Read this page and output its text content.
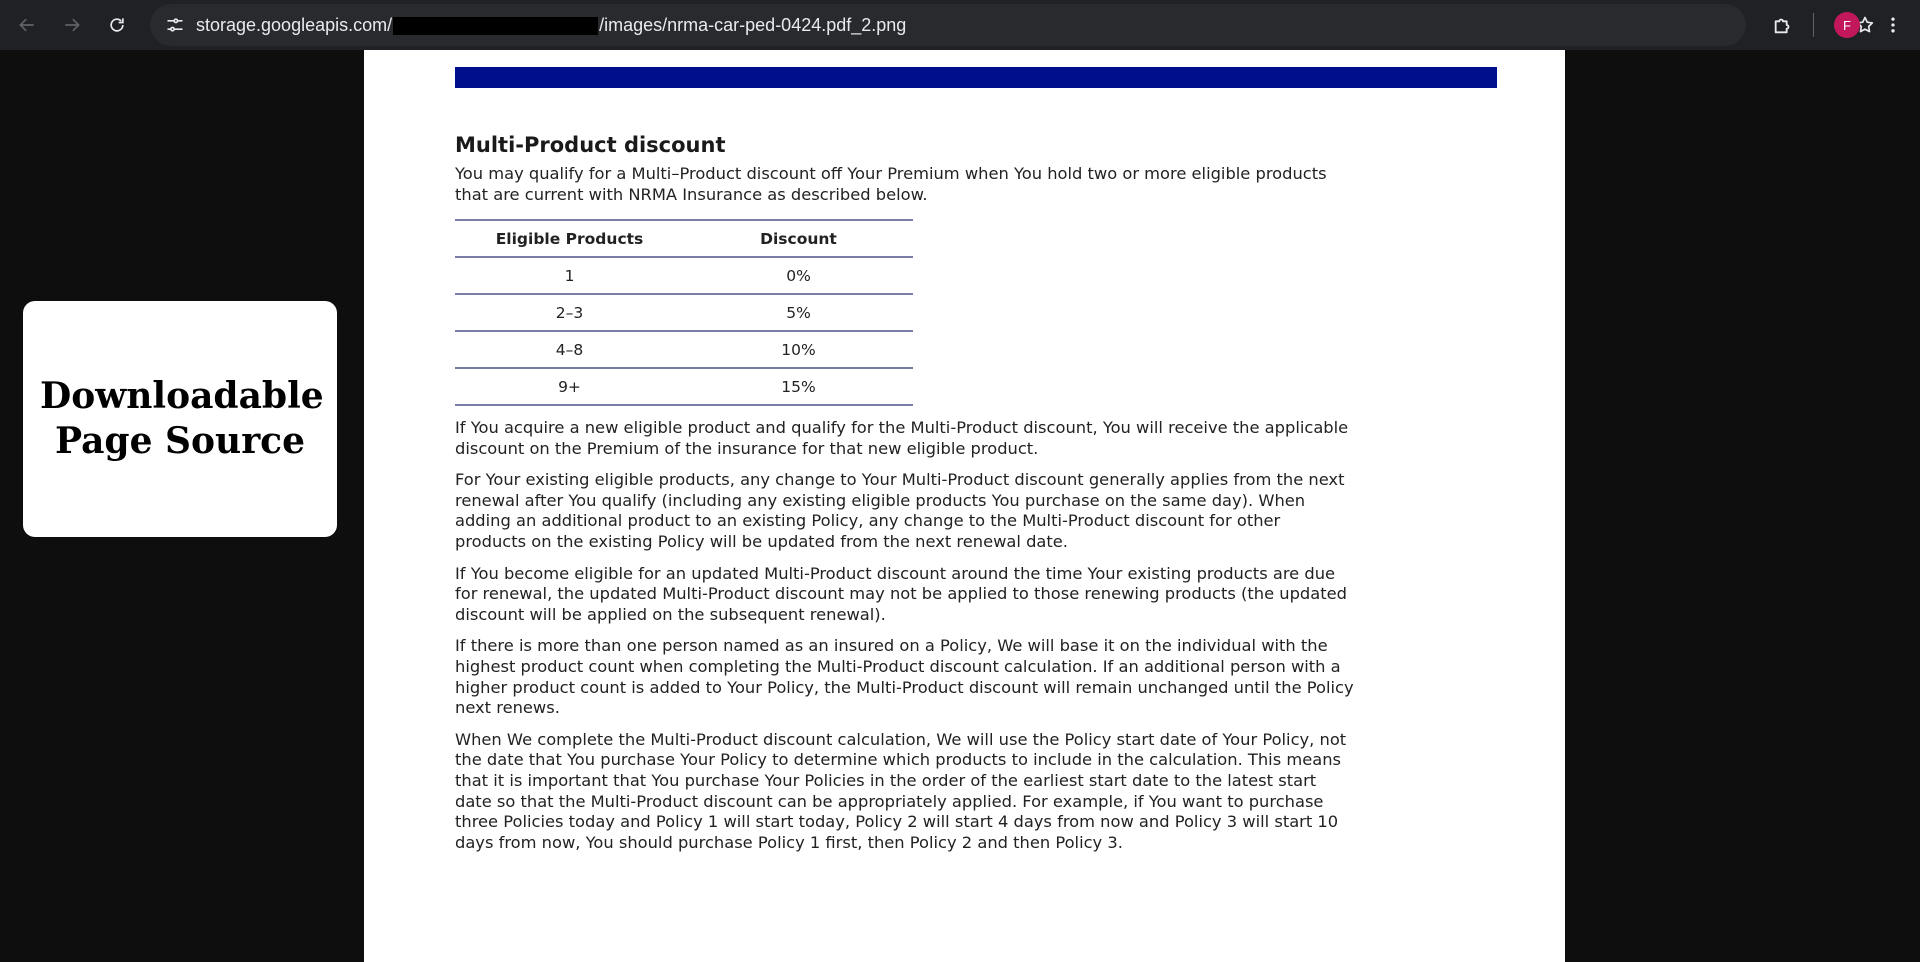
storage.googleapis.com/	/images/nrma-car-ped-0424.pdf_2.png	F
Multi-Product discount

You may qualify for a Multi–Product discount off Your Premium when You hold two or more eligible products that are current with NRMA Insurance as described below.

Eligible Products	Discount
1	0%
2–3	5%
4–8	10%
9+	15%

If You acquire a new eligible product and qualify for the Multi-Product discount, You will receive the applicable discount on the Premium of the insurance for that new eligible product.

For Your existing eligible products, any change to Your Multi-Product discount generally applies from the next renewal after You qualify (including any existing eligible products You purchase on the same day). When adding an additional product to an existing Policy, any change to the Multi-Product discount for other products on the existing Policy will be updated from the next renewal date.

If You become eligible for an updated Multi-Product discount around the time Your existing products are due for renewal, the updated Multi-Product discount may not be applied to those renewing products (the updated discount will be applied on the subsequent renewal).

If there is more than one person named as an insured on a Policy, We will base it on the individual with the highest product count when completing the Multi-Product discount calculation. If an additional person with a higher product count is added to Your Policy, the Multi-Product discount will remain unchanged until the Policy next renews.

When We complete the Multi-Product discount calculation, We will use the Policy start date of Your Policy, not the date that You purchase Your Policy to determine which products to include in the calculation. This means that it is important that You purchase Your Policies in the order of the earliest start date to the latest start date so that the Multi-Product discount can be appropriately applied. For example, if You want to purchase three Policies today and Policy 1 will start today, Policy 2 will start 4 days from now and Policy 3 will start 10 days from now, You should purchase Policy 1 first, then Policy 2 and then Policy 3.

Downloadable Page Source
